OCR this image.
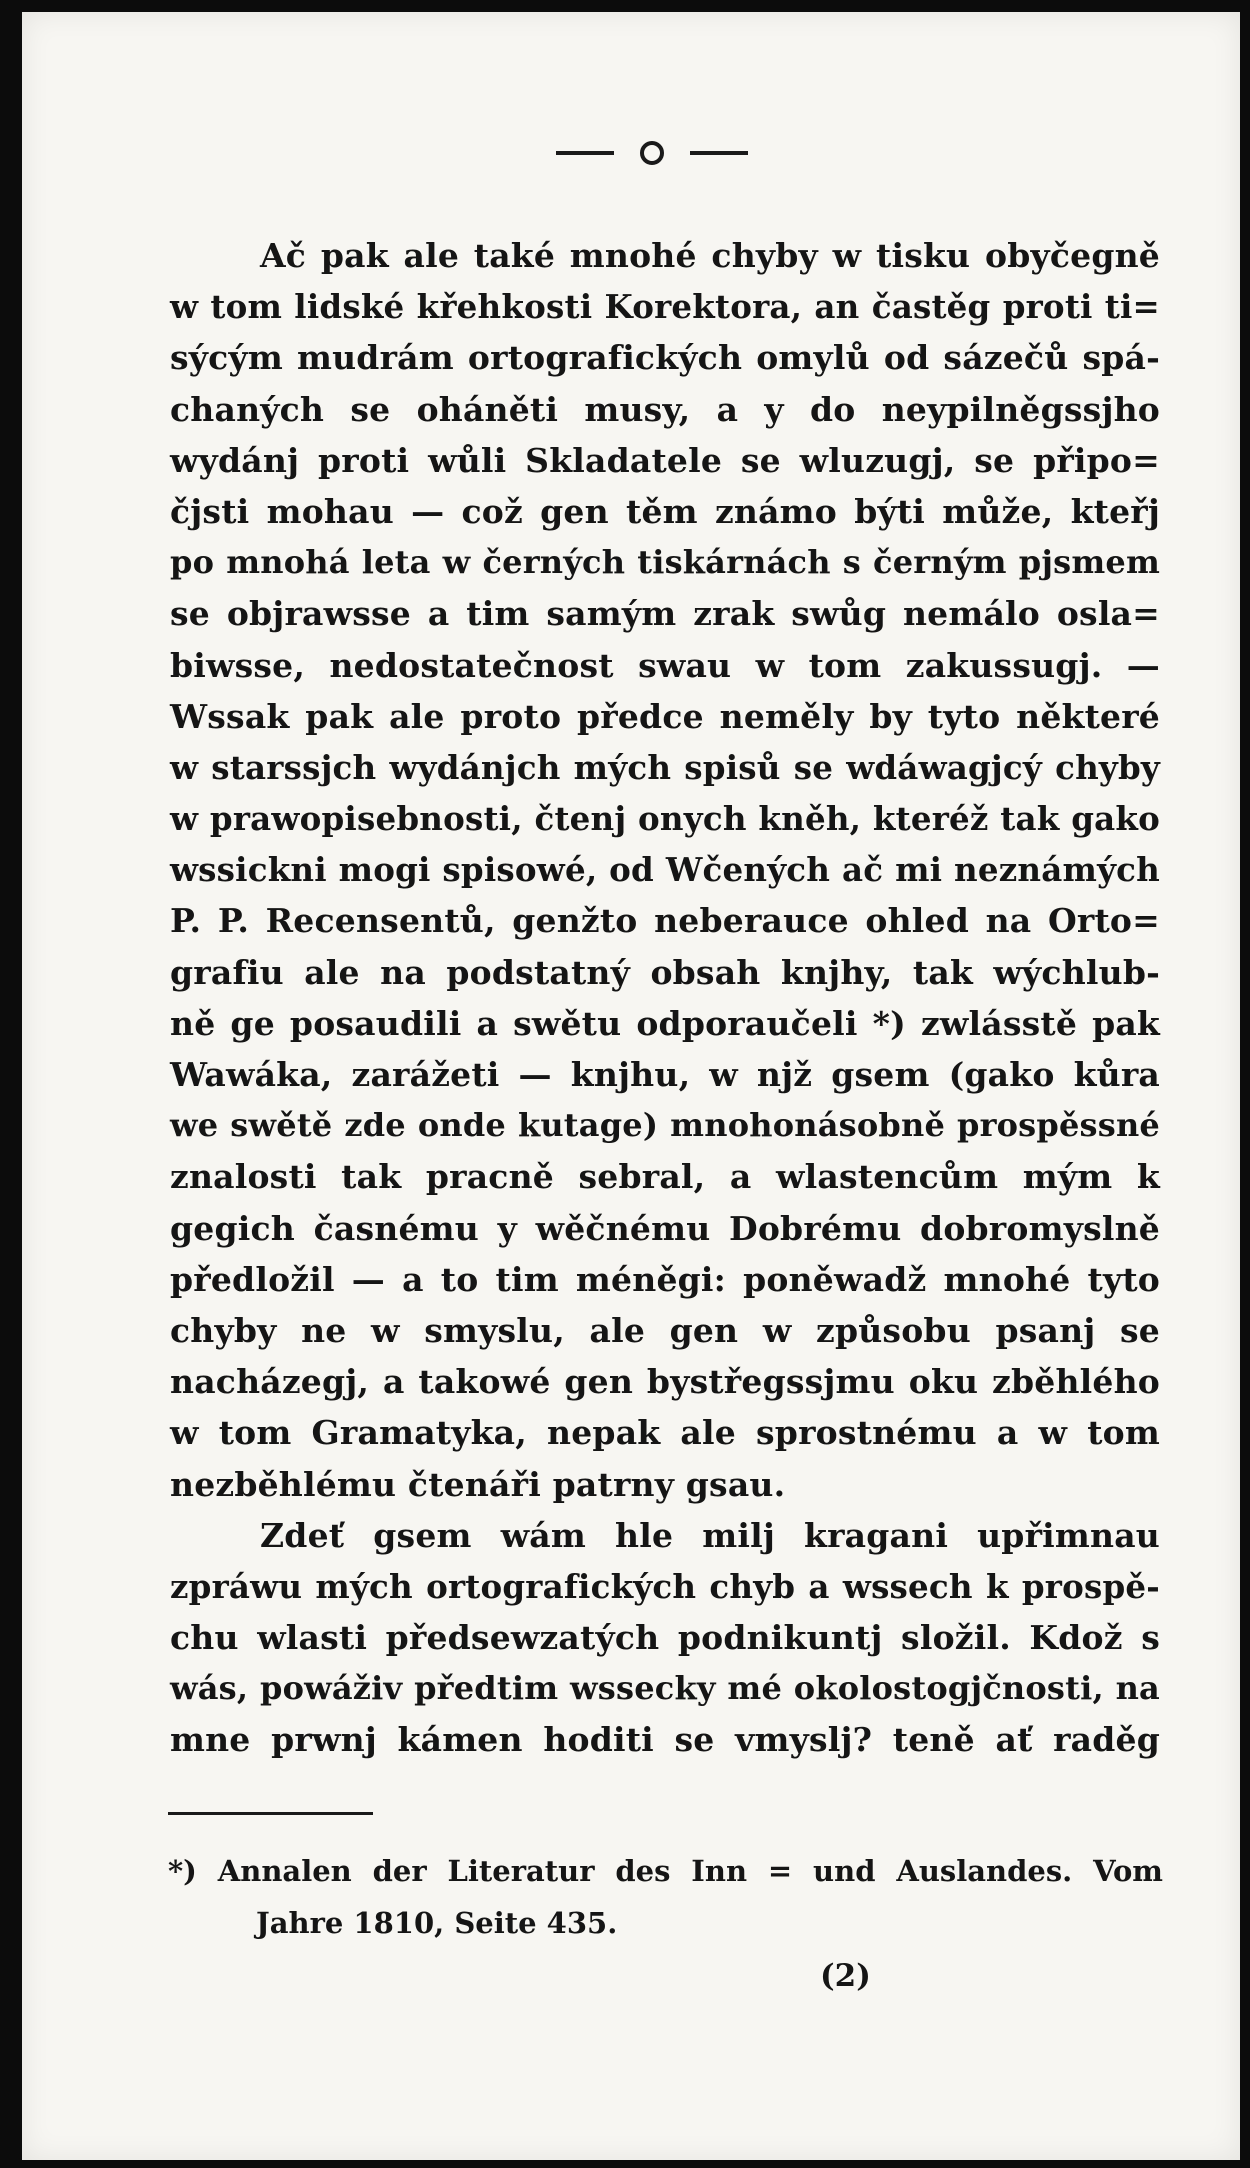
Ač pak ale také mnohé chyby w tisku obyčegně
w tom lidské křehkosti Korektora, an častěg proti ti=
sýcým mudrám ortografických omylů od sázečů spá-
chaných se oháněti musy, a y do neypilněgssjho
wydánj proti wůli Skladatele se wluzugj, se připo=
čjsti mohau — což gen těm známo býti může, kteřj
po mnohá leta w černých tiskárnách s černým pjsmem
se objrawsse a tim samým zrak swůg nemálo osla=
biwsse, nedostatečnost swau w tom zakussugj. —
Wssak pak ale proto předce neměly by tyto některé
w starssjch wydánjch mých spisů se wdáwagjcý chyby
w prawopisebnosti, čtenj onych kněh, kteréž tak gako
wssickni mogi spisowé, od Wčených ač mi neznámých
P. P. Recensentů, genžto neberauce ohled na Orto=
grafiu ale na podstatný obsah knjhy, tak wýchlub-
ně ge posaudili a swětu odporaučeli *) zwlásstě pak
Wawáka, zarážeti — knjhu, w njž gsem (gako kůra
we swětě zde onde kutage) mnohonásobně prospěssné
znalosti tak pracně sebral, a wlastencům mým k
gegich časnému y wěčnému Dobrému dobromyslně
předložil — a to tim méněgi: poněwadž mnohé tyto
chyby ne w smyslu, ale gen w způsobu psanj se
nacházegj, a takowé gen bystřegssjmu oku zběhlého
w tom Gramatyka, nepak ale sprostnému a w tom
nezběhlému čtenáři patrny gsau.
Zdeť gsem wám hle milj kragani upřimnau
zpráwu mých ortografických chyb a wssech k prospě-
chu wlasti předsewzatých podnikuntj složil. Kdož s
wás, powáživ předtim wssecky mé okolostogjčnosti, na
mne prwnj kámen hoditi se vmyslj? teně ať raděg
*) Annalen der Literatur des Inn = und Auslandes. Vom
Jahre 1810, Seite 435.
(2)
